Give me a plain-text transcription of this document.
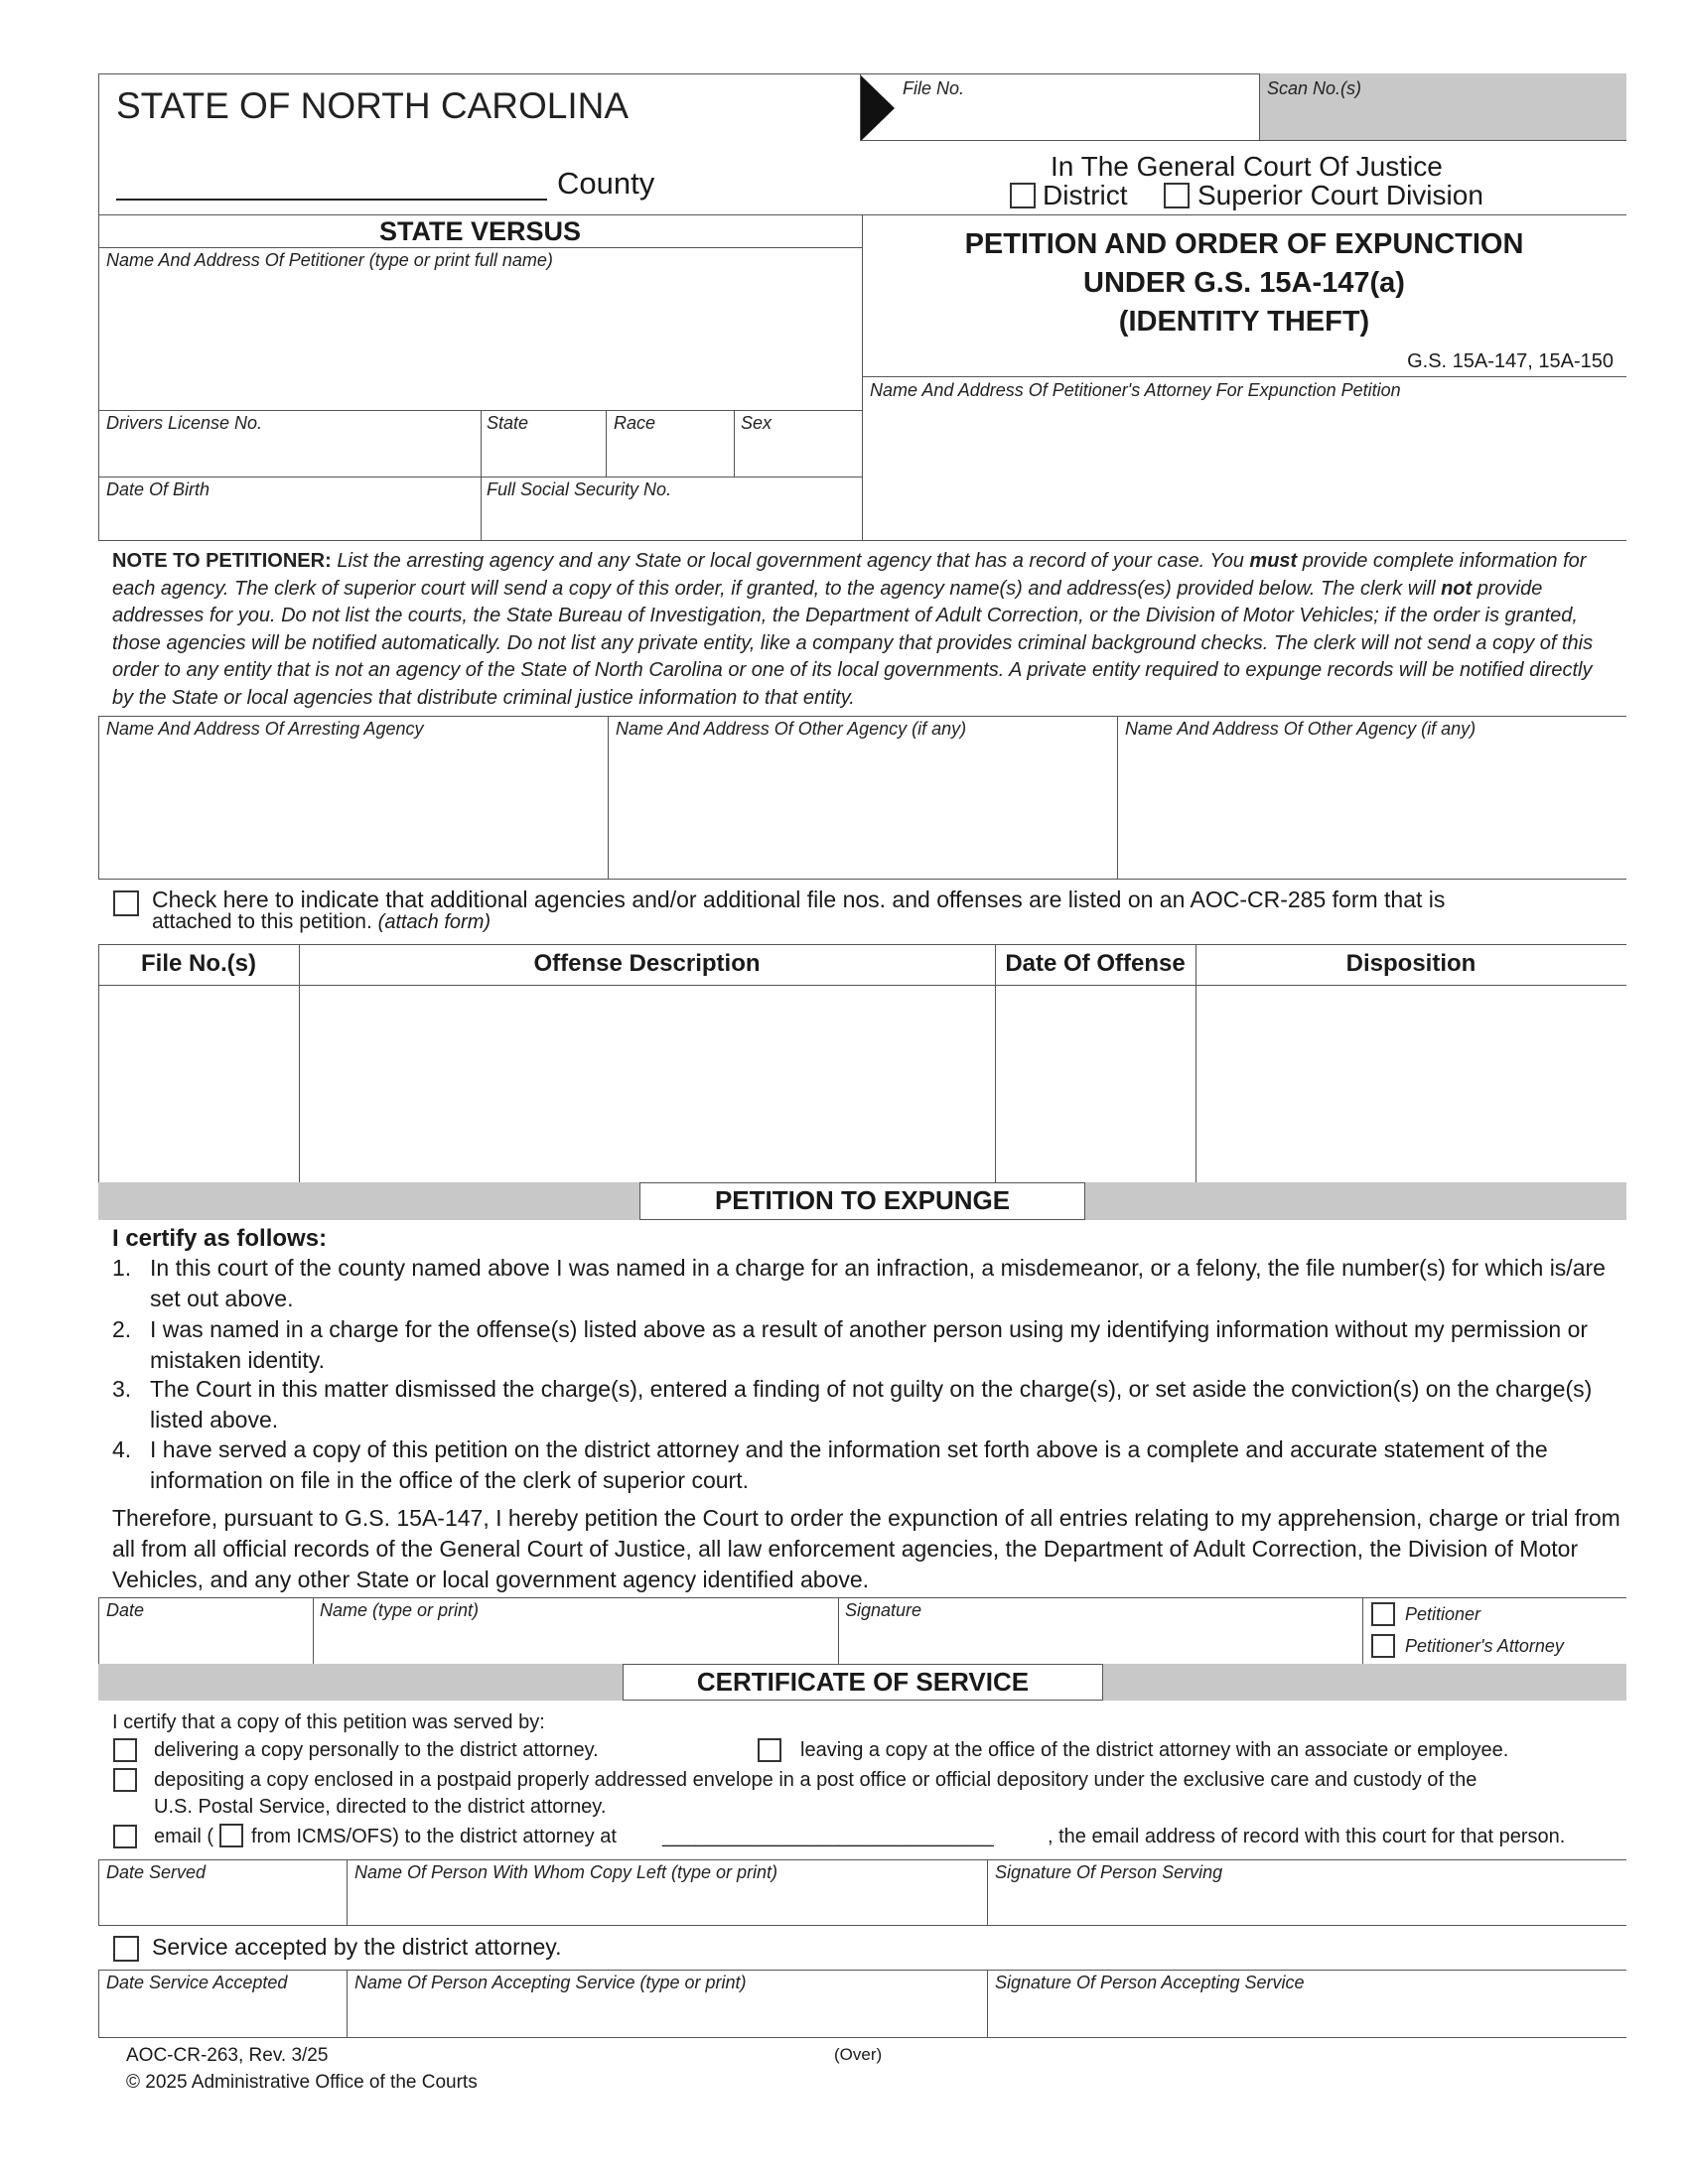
STATE OF NORTH CAROLINA
County
File No.	Scan No.(s)
In The General Court Of Justice
District	Superior Court Division
STATE VERSUS
Name And Address Of Petitioner (type or print full name)
Drivers License No.	State	Race	Sex
Date Of Birth	Full Social Security No.
PETITION AND ORDER OF EXPUNCTION
UNDER G.S. 15A-147(a)
(IDENTITY THEFT)
G.S. 15A-147, 15A-150
Name And Address Of Petitioner's Attorney For Expunction Petition
NOTE TO PETITIONER: List the arresting agency and any State or local government agency that has a record of your case. You must provide complete information for each agency. The clerk of superior court will send a copy of this order, if granted, to the agency name(s) and address(es) provided below. The clerk will not provide addresses for you. Do not list the courts, the State Bureau of Investigation, the Department of Adult Correction, or the Division of Motor Vehicles; if the order is granted, those agencies will be notified automatically. Do not list any private entity, like a company that provides criminal background checks. The clerk will not send a copy of this order to any entity that is not an agency of the State of North Carolina or one of its local governments. A private entity required to expunge records will be notified directly by the State or local agencies that distribute criminal justice information to that entity.
Name And Address Of Arresting Agency	Name And Address Of Other Agency (if any)	Name And Address Of Other Agency (if any)
Check here to indicate that additional agencies and/or additional file nos. and offenses are listed on an AOC-CR-285 form that is
attached to this petition. (attach form)
File No.(s)	Offense Description	Date Of Offense	Disposition
PETITION TO EXPUNGE
I certify as follows:
1. In this court of the county named above I was named in a charge for an infraction, a misdemeanor, or a felony, the file number(s) for which is/are set out above.
2. I was named in a charge for the offense(s) listed above as a result of another person using my identifying information without my permission or mistaken identity.
3. The Court in this matter dismissed the charge(s), entered a finding of not guilty on the charge(s), or set aside the conviction(s) on the charge(s) listed above.
4. I have served a copy of this petition on the district attorney and the information set forth above is a complete and accurate statement of the information on file in the office of the clerk of superior court.
Therefore, pursuant to G.S. 15A-147, I hereby petition the Court to order the expunction of all entries relating to my apprehension, charge or trial from all from all official records of the General Court of Justice, all law enforcement agencies, the Department of Adult Correction, the Division of Motor Vehicles, and any other State or local government agency identified above.
Date	Name (type or print)	Signature	Petitioner
Petitioner's Attorney
CERTIFICATE OF SERVICE
I certify that a copy of this petition was served by:
delivering a copy personally to the district attorney.	leaving a copy at the office of the district attorney with an associate or employee.
depositing a copy enclosed in a postpaid properly addressed envelope in a post office or official depository under the exclusive care and custody of the
U.S. Postal Service, directed to the district attorney.
email ( from ICMS/OFS) to the district attorney at ______________________________	, the email address of record with this court for that person.
Date Served	Name Of Person With Whom Copy Left (type or print)	Signature Of Person Serving
Service accepted by the district attorney.
Date Service Accepted	Name Of Person Accepting Service (type or print)	Signature Of Person Accepting Service
AOC-CR-263, Rev. 3/25	(Over)
© 2025 Administrative Office of the Courts
